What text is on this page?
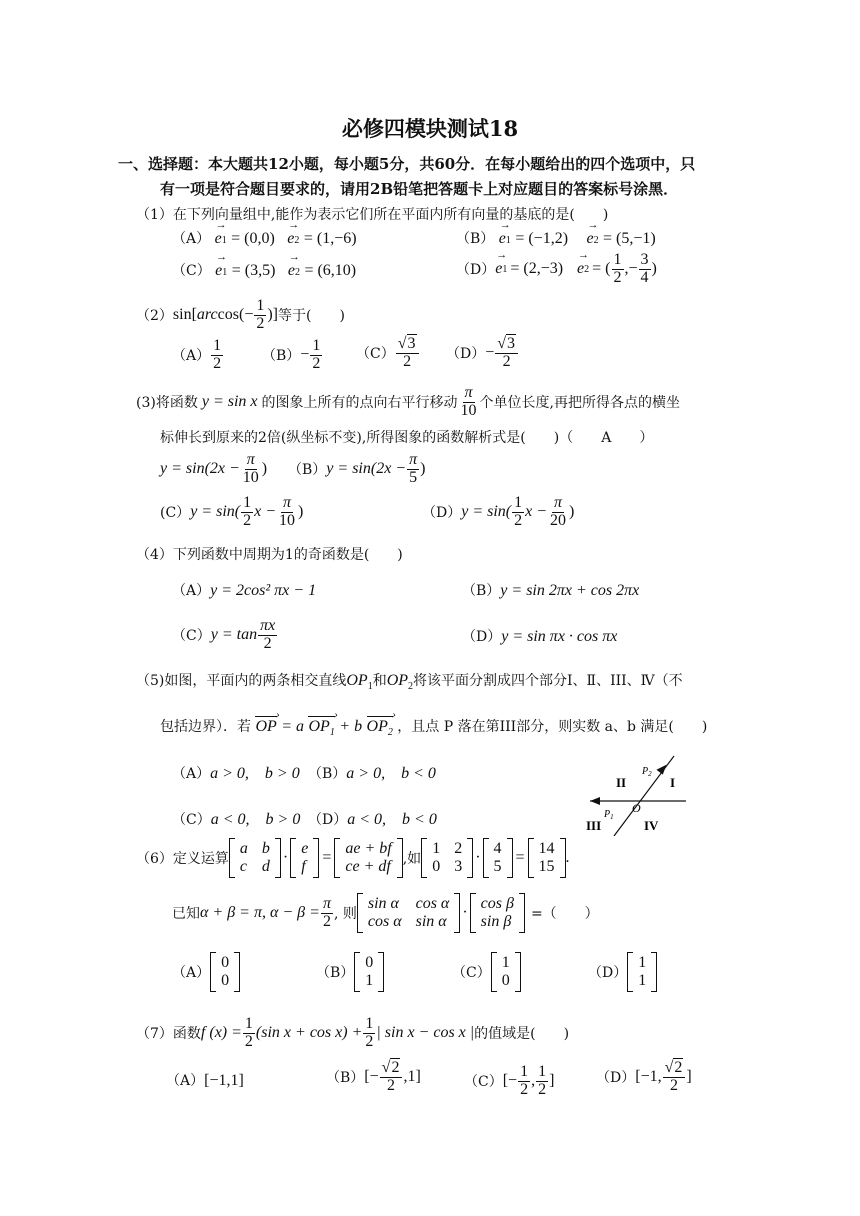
必修四模块测试18
一、选择题：本大题共12小题，每小题5分，共60分．在每小题给出的四个选项中，只
有一项是符合题目要求的，请用2B铅笔把答题卡上对应题目的答案标号涂黑．
（1）在下列向量组中,能作为表示它们所在平面内所有向量的基底的是(　　)
（A） → e1 = (0,0) → e2 = (1,−6)	（B） → e1 = (−1,2) → e2 = (5,−1)
（C） → e1 = (3,5) → e2 = (6,10)	（D） → e 1 = (2,−3) → e 2 = ( $\frac{1}{2}$ ,− $\frac{3}{4}$ )
（2） sin[ arc $\cos(- \frac{1}{2}$ )] 等于(　　)
$(A) \frac{1}{2}$	$(B) - \frac{1}{2} (C) \frac{√3}{2} (D) - \frac{√3}{2}$
(3)将函数 y = sin x 的图象上所有的点向右平行移动 $\frac{\pi}{10}$ 个单位长度,再把所得各点的横坐
标伸长到原来的2倍(纵坐标不变),所得图象的函数解析式是(　　)（　　A　　）
$y = \sin(2x - \frac{\pi}{10}$ ) （B） $y = \sin(2x - \frac{\pi}{5}$ )
(C） $y = \sin( \frac{1}{2}$ $x - \frac{\pi}{10}$ )	（D） $y = \sin( \frac{1}{2}$ $x - \frac{\pi}{20}$ )
（4）下列函数中周期为1的奇函数是(　　)
（A）y = 2cos² πx − 1	（B）y = sin 2πx + cos 2πx
（C） $y = \tan \frac{\pi x}{2}$	（D）y = sin πx · cos πx
（5)如图，平面内的两条相交直线$OP_1$和$OP_2$将该平面分割成四个部分Ⅰ、Ⅱ、III、Ⅳ（不
包括边界）．若 OP › = a $OP_1$ › + b $OP_2$ › ，且点 P 落在第III部分，则实数 a、b 满足(　　)
（A）a > 0,　b > 0 （B）a > 0,　b < 0
（C）a < 0,　b > 0 （D）a < 0,　b < 0
II	I
III	IV
O
$P_2$
$P_1$
（6）定义运算
a b
c d
·
e
f
=
ae + bf
ce + df ,如
1 2
0 3
·
4
5
=
14
15
.
已知 α + β = π, $\alpha - \beta = \frac{\pi}{2}$ , 则
sin α cos α
cos α sin α
·
cos β
sin β =（　　）
（A）
0
0	（B）
0
1	（C）
1
0	（D）
1
1
（7）函数 f $(x) = \frac{1}{2} (\sin$ $x + \cos x) + \frac{1}{2}$ | sin x − cos x | 的值域是(　　)
（A）[−1,1]	（B） [− $\frac{√2}{2} ,1$]	（C） [− $\frac{1}{2}$ , $\frac{1}{2}$ ]	（D） [−1, $\frac{√2}{2}$ ]
